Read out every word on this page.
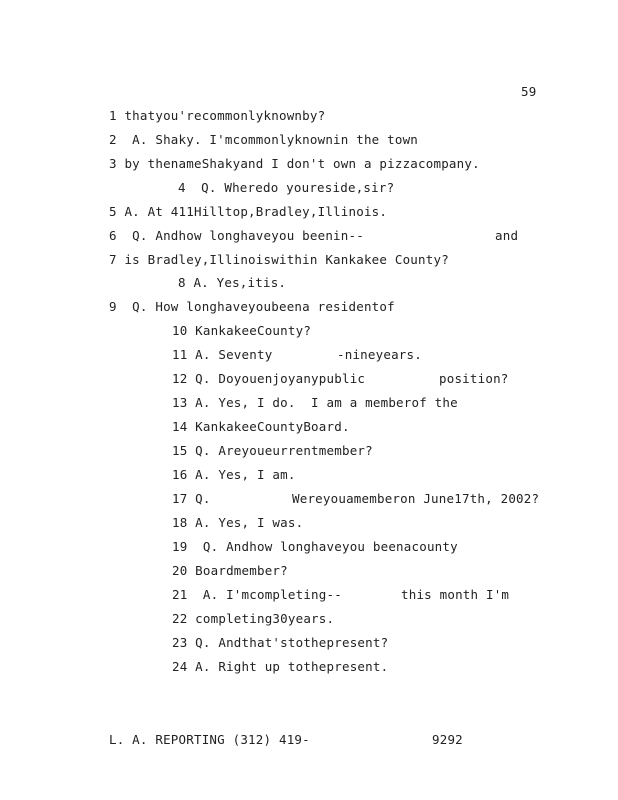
59
1 thatyou'recommonlyknownby?
2  A. Shaky. I'mcommonlyknownin the town
3 by thenameShakyand I don't own a pizzacompany.
4  Q. Wheredo youreside,sir?
5 A. At 411Hilltop,Bradley,Illinois.
6  Q. Andhow longhaveyou beenin--	and
7 is Bradley,Illinoiswithin Kankakee County?
8 A. Yes,itis.
9  Q. How longhaveyoubeena residentof
10 KankakeeCounty?
11 A. Seventy	-nineyears.
12 Q. Doyouenjoyanypublic	position?
13 A. Yes, I do.  I am a memberof the
14 KankakeeCountyBoard.
15 Q. Areyoueurrentmember?
16 A. Yes, I am.
17 Q.	Wereyouamemberon June17th, 2002?
18 A. Yes, I was.
19  Q. Andhow longhaveyou beenacounty
20 Boardmember?
21  A. I'mcompleting--	this month I'm
22 completing30years.
23 Q. Andthat'stothepresent?
24 A. Right up tothepresent.
L. A. REPORTING (312) 419-	9292
